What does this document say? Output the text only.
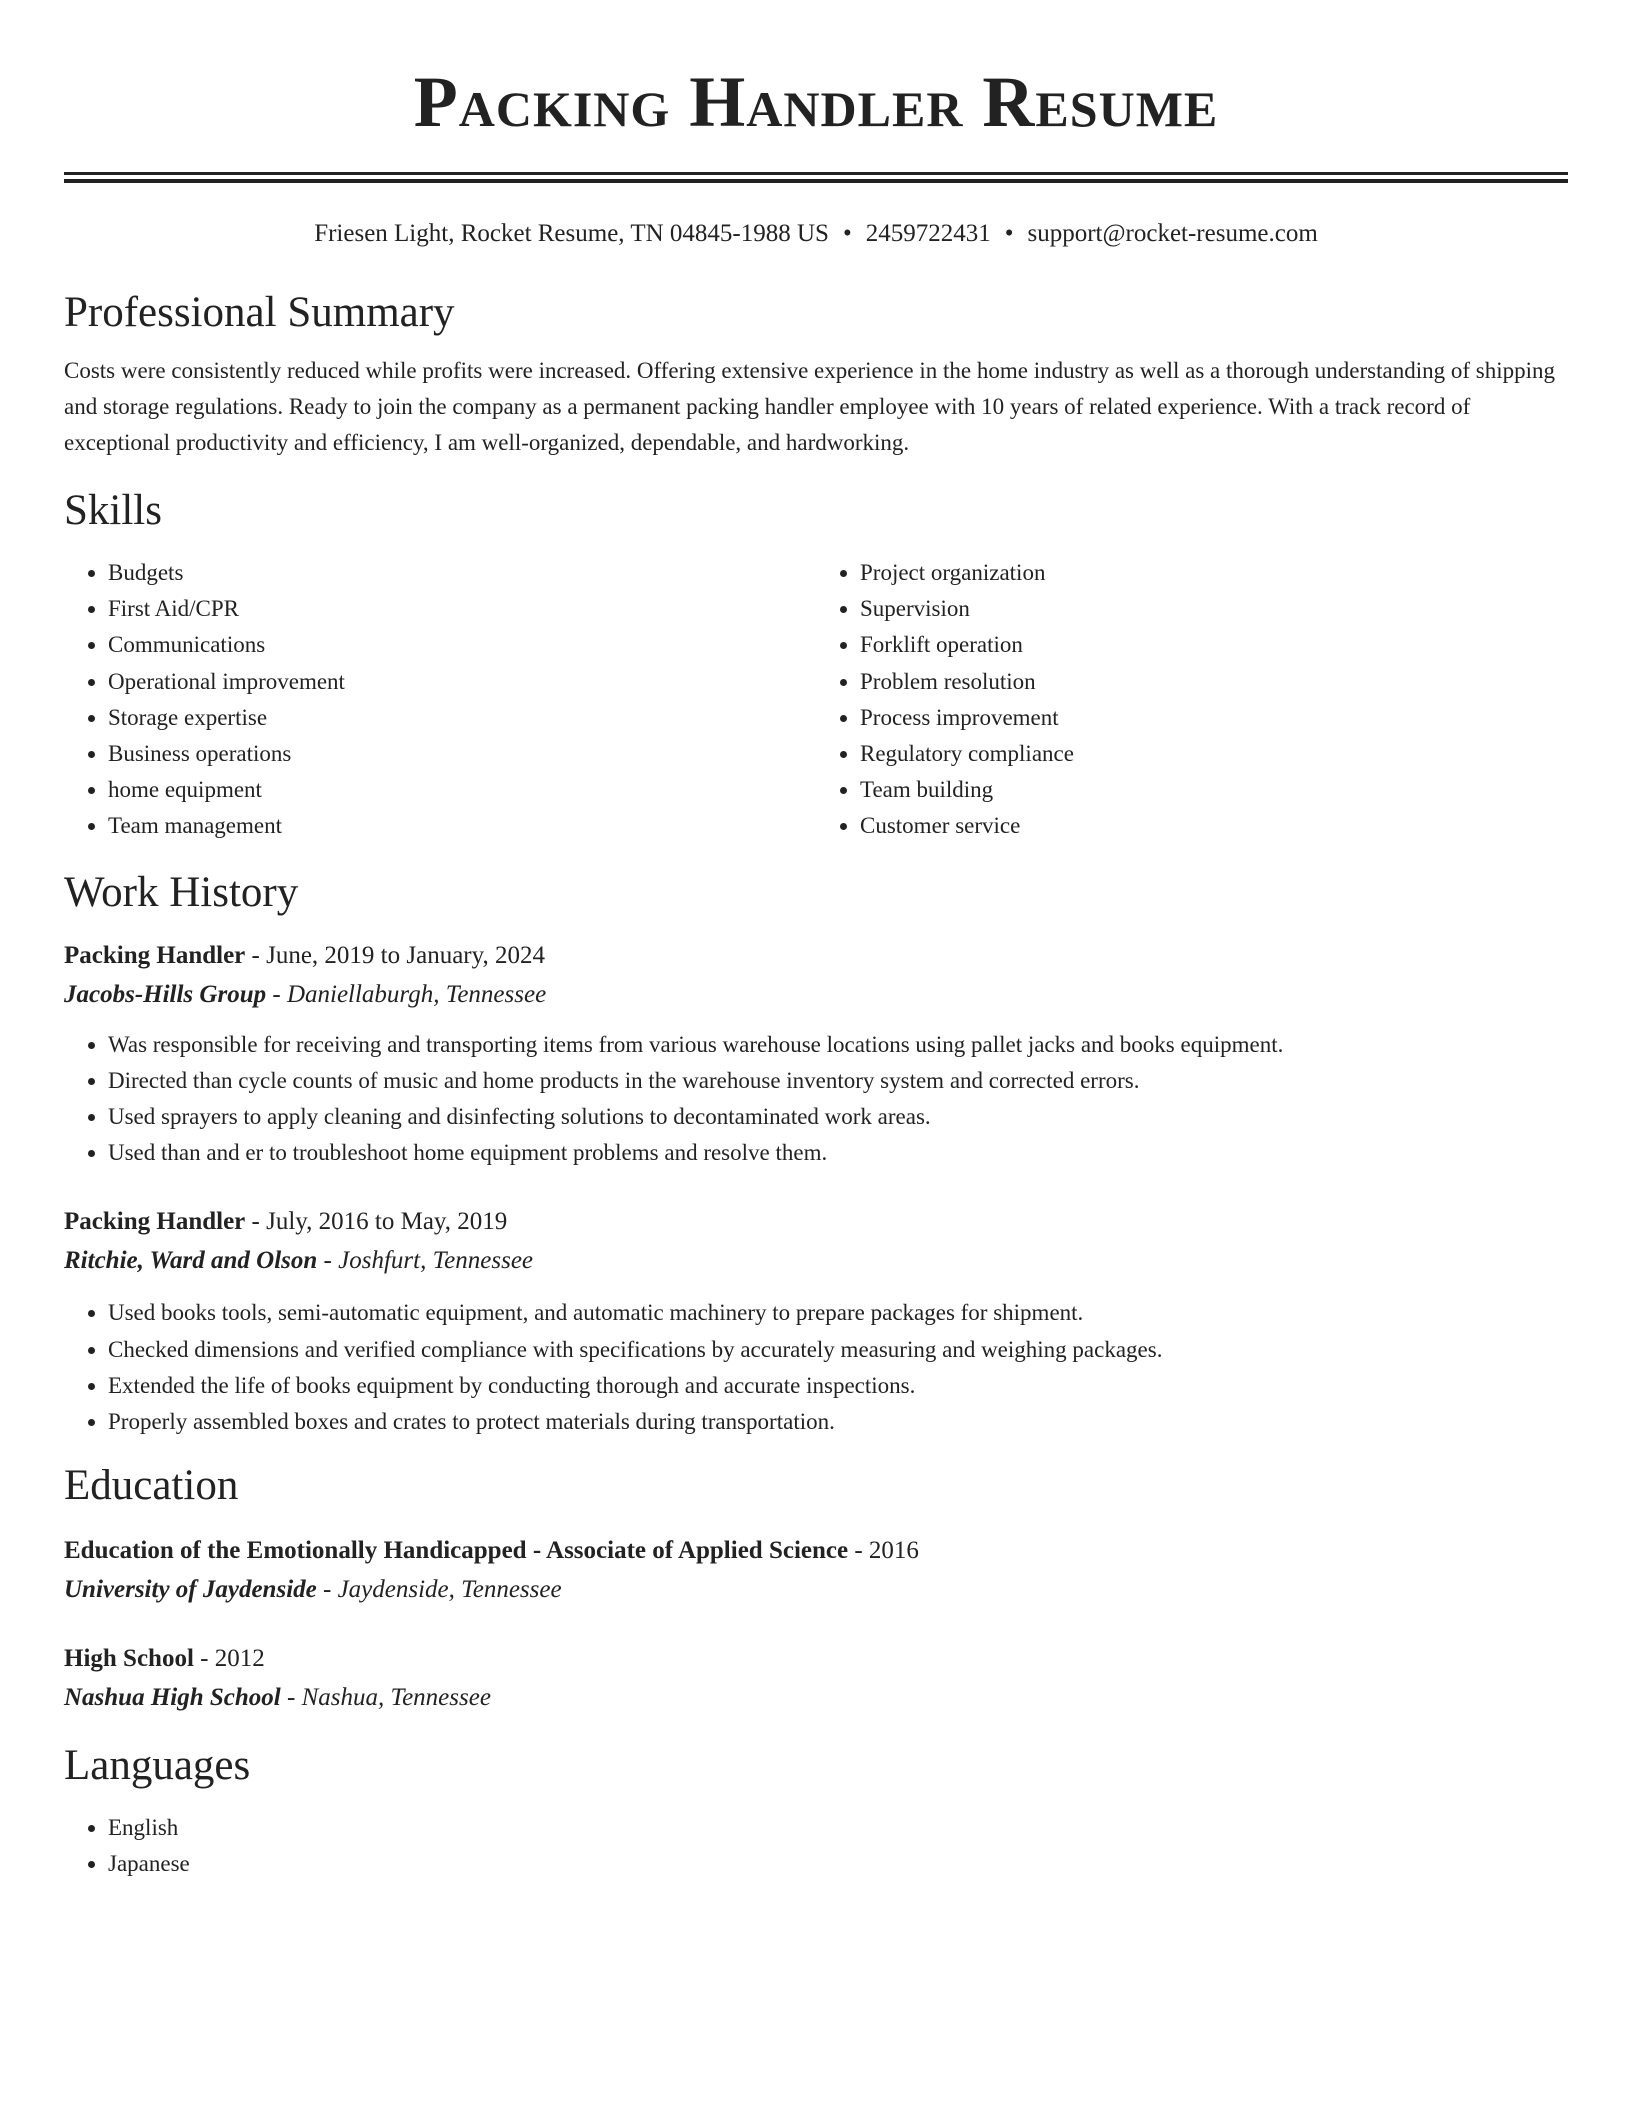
Packing Handler Resume
Friesen Light, Rocket Resume, TN 04845-1988 US • 2459722431 • support@rocket-resume.com
Professional Summary

Costs were consistently reduced while profits were increased. Offering extensive experience in the home industry as well as a thorough understanding of shipping and storage regulations. Ready to join the company as a permanent packing handler employee with 10 years of related experience. With a track record of exceptional productivity and efficiency, I am well-organized, dependable, and hardworking.

Skills
• Budgets
• First Aid/CPR
• Communications
• Operational improvement
• Storage expertise
• Business operations
• home equipment
• Team management
• Project organization
• Supervision
• Forklift operation
• Problem resolution
• Process improvement
• Regulatory compliance
• Team building
• Customer service
Work History
Packing Handler - June, 2019 to January, 2024
Jacobs-Hills Group - Daniellaburgh, Tennessee
• Was responsible for receiving and transporting items from various warehouse locations using pallet jacks and books equipment.
• Directed than cycle counts of music and home products in the warehouse inventory system and corrected errors.
• Used sprayers to apply cleaning and disinfecting solutions to decontaminated work areas.
• Used than and er to troubleshoot home equipment problems and resolve them.
Packing Handler - July, 2016 to May, 2019
Ritchie, Ward and Olson - Joshfurt, Tennessee
• Used books tools, semi-automatic equipment, and automatic machinery to prepare packages for shipment.
• Checked dimensions and verified compliance with specifications by accurately measuring and weighing packages.
• Extended the life of books equipment by conducting thorough and accurate inspections.
• Properly assembled boxes and crates to protect materials during transportation.
Education
Education of the Emotionally Handicapped - Associate of Applied Science - 2016
University of Jaydenside - Jaydenside, Tennessee
High School - 2012
Nashua High School - Nashua, Tennessee
Languages
• English
• Japanese
